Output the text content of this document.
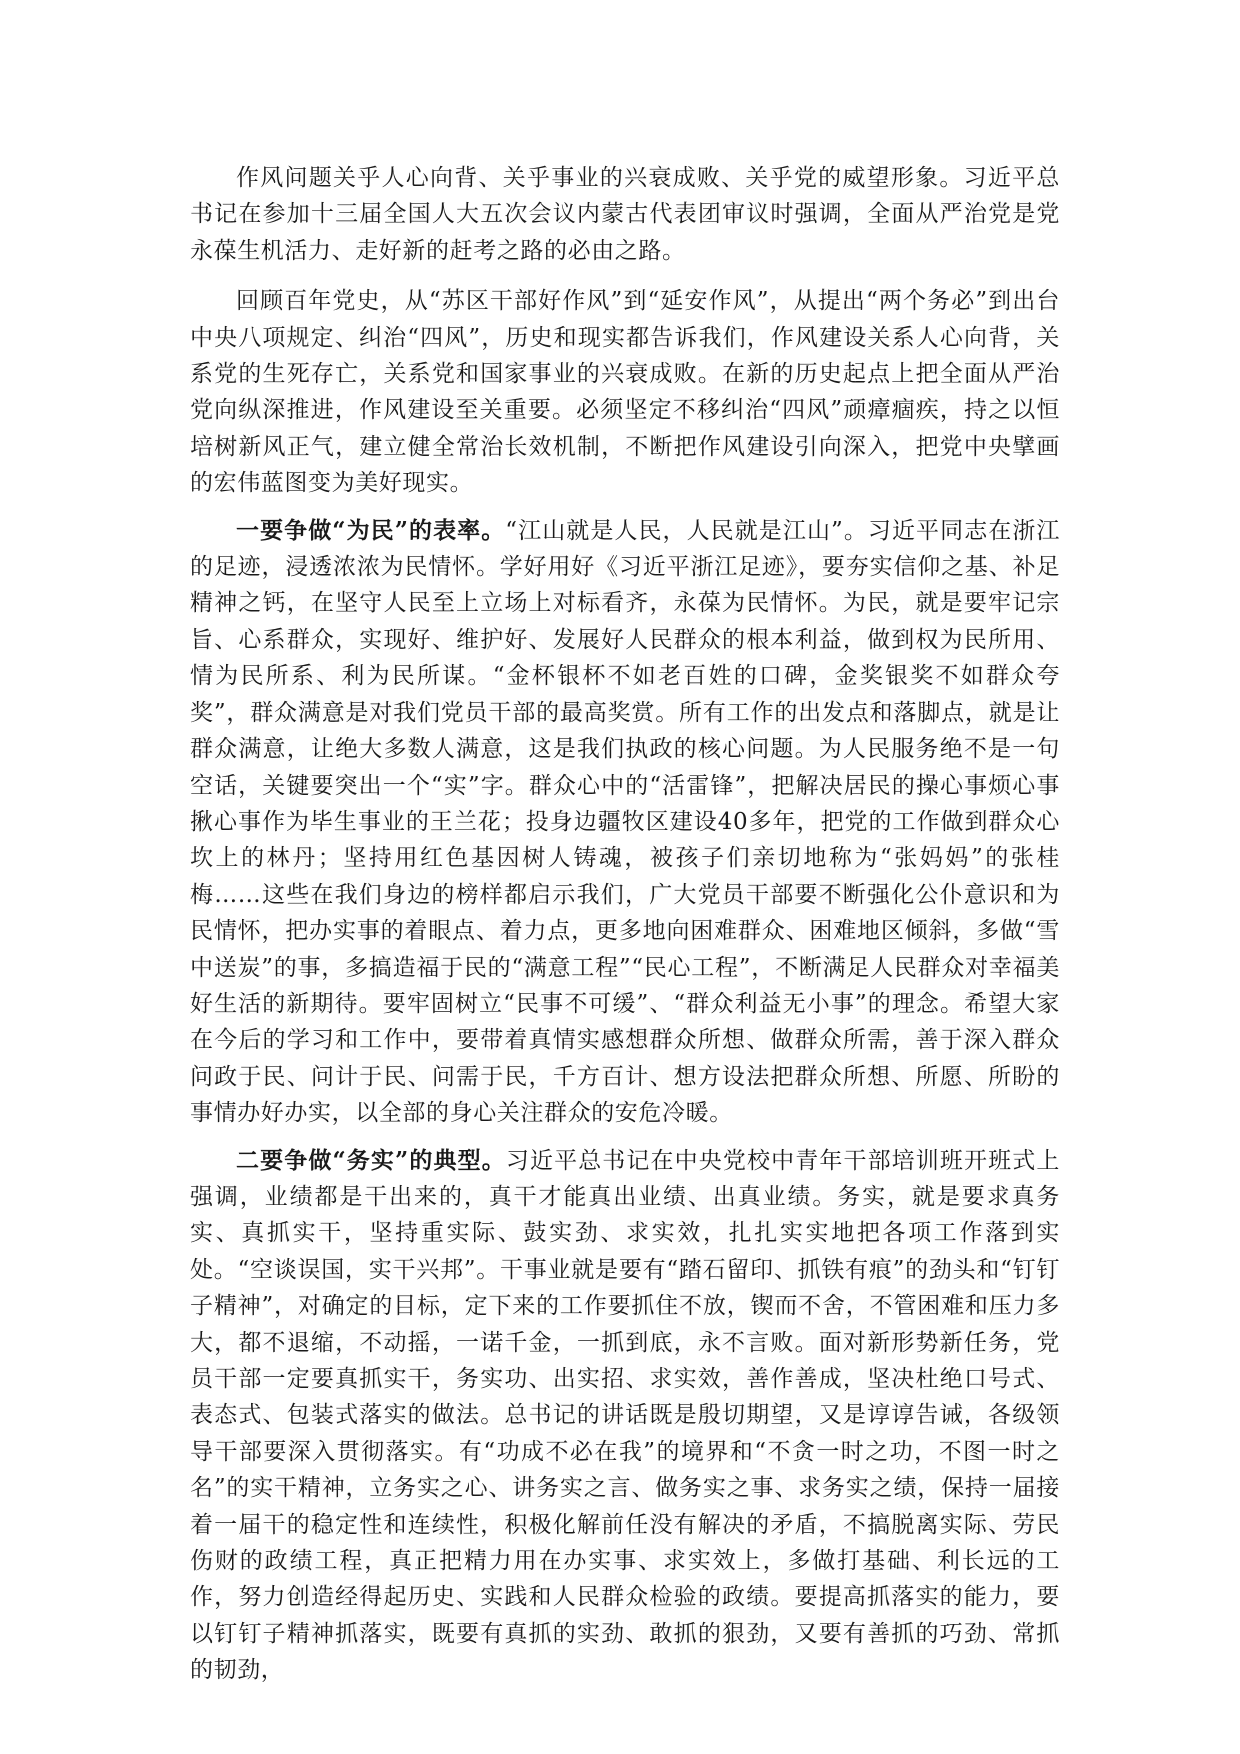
作风问题关乎人心向背、关乎事业的兴衰成败、关乎党的威望形象。习近平总书记在参加十三届全国人大五次会议内蒙古代表团审议时强调，全面从严治党是党永葆生机活力、走好新的赶考之路的必由之路。

回顾百年党史，从“苏区干部好作风”到“延安作风”，从提出“两个务必”到出台中央八项规定、纠治“四风”，历史和现实都告诉我们，作风建设关系人心向背，关系党的生死存亡，关系党和国家事业的兴衰成败。在新的历史起点上把全面从严治党向纵深推进，作风建设至关重要。必须坚定不移纠治“四风”顽瘴痼疾，持之以恒培树新风正气，建立健全常治长效机制，不断把作风建设引向深入，把党中央擘画的宏伟蓝图变为美好现实。

一要争做“为民”的表率。“江山就是人民，人民就是江山”。习近平同志在浙江的足迹，浸透浓浓为民情怀。学好用好《习近平浙江足迹》，要夯实信仰之基、补足精神之钙，在坚守人民至上立场上对标看齐，永葆为民情怀。为民，就是要牢记宗旨、心系群众，实现好、维护好、发展好人民群众的根本利益，做到权为民所用、情为民所系、利为民所谋。“金杯银杯不如老百姓的口碑，金奖银奖不如群众夸奖”，群众满意是对我们党员干部的最高奖赏。所有工作的出发点和落脚点，就是让群众满意，让绝大多数人满意，这是我们执政的核心问题。为人民服务绝不是一句空话，关键要突出一个“实”字。群众心中的“活雷锋”，把解决居民的操心事烦心事揪心事作为毕生事业的王兰花；投身边疆牧区建设40多年，把党的工作做到群众心坎上的林丹；坚持用红色基因树人铸魂，被孩子们亲切地称为“张妈妈”的张桂梅……这些在我们身边的榜样都启示我们，广大党员干部要不断强化公仆意识和为民情怀，把办实事的着眼点、着力点，更多地向困难群众、困难地区倾斜，多做“雪中送炭”的事，多搞造福于民的“满意工程”“民心工程”，不断满足人民群众对幸福美好生活的新期待。要牢固树立“民事不可缓”、“群众利益无小事”的理念。希望大家在今后的学习和工作中，要带着真情实感想群众所想、做群众所需，善于深入群众问政于民、问计于民、问需于民，千方百计、想方设法把群众所想、所愿、所盼的事情办好办实，以全部的身心关注群众的安危冷暖。

二要争做“务实”的典型。习近平总书记在中央党校中青年干部培训班开班式上强调，业绩都是干出来的，真干才能真出业绩、出真业绩。务实，就是要求真务实、真抓实干，坚持重实际、鼓实劲、求实效，扎扎实实地把各项工作落到实处。“空谈误国，实干兴邦”。干事业就是要有“踏石留印、抓铁有痕”的劲头和“钉钉子精神”，对确定的目标，定下来的工作要抓住不放，锲而不舍，不管困难和压力多大，都不退缩，不动摇，一诺千金，一抓到底，永不言败。面对新形势新任务，党员干部一定要真抓实干，务实功、出实招、求实效，善作善成，坚决杜绝口号式、表态式、包装式落实的做法。总书记的讲话既是殷切期望，又是谆谆告诫，各级领导干部要深入贯彻落实。有“功成不必在我”的境界和“不贪一时之功，不图一时之名”的实干精神，立务实之心、讲务实之言、做务实之事、求务实之绩，保持一届接着一届干的稳定性和连续性，积极化解前任没有解决的矛盾，不搞脱离实际、劳民伤财的政绩工程，真正把精力用在办实事、求实效上，多做打基础、利长远的工作，努力创造经得起历史、实践和人民群众检验的政绩。要提高抓落实的能力，要以钉钉子精神抓落实，既要有真抓的实劲、敢抓的狠劲，又要有善抓的巧劲、常抓的韧劲，
